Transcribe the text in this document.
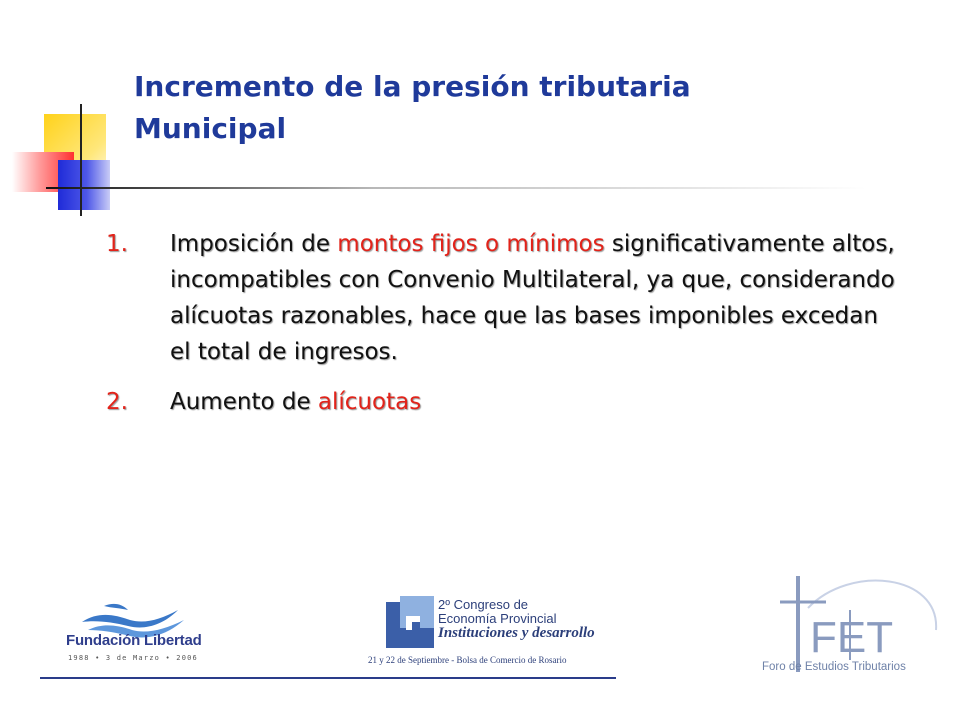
Incremento de la presión tributaria
Municipal
1. Imposición de montos fijos o mínimos significativamente altos, incompatibles con Convenio Multilateral, ya que, considerando alícuotas razonables, hace que las bases imponibles excedan el total de ingresos.
2. Aumento de alícuotas
Fundación Libertad
1988 • 3 de Marzo • 2006
2º Congreso de
Economía Provincial
Instituciones y desarrollo
21 y 22 de Septiembre - Bolsa de Comercio de Rosario	FET
Foro de Estudios Tributarios
